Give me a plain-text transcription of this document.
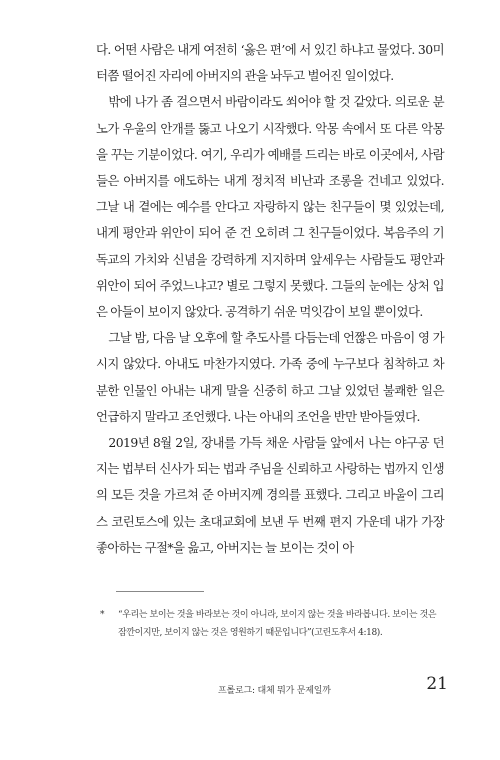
다. 어떤 사람은 내게 여전히 ‘옳은 편’에 서 있긴 하냐고 물었다. 30미터쯤 떨어진 자리에 아버지의 관을 놔두고 벌어진 일이었다.

밖에 나가 좀 걸으면서 바람이라도 쐬어야 할 것 같았다. 의로운 분노가 우울의 안개를 뚫고 나오기 시작했다. 악몽 속에서 또 다른 악몽을 꾸는 기분이었다. 여기, 우리가 예배를 드리는 바로 이곳에서, 사람들은 아버지를 애도하는 내게 정치적 비난과 조롱을 건네고 있었다. 그날 내 곁에는 예수를 안다고 자랑하지 않는 친구들이 몇 있었는데, 내게 평안과 위안이 되어 준 건 오히려 그 친구들이었다. 복음주의 기독교의 가치와 신념을 강력하게 지지하며 앞세우는 사람들도 평안과 위안이 되어 주었느냐고? 별로 그렇지 못했다. 그들의 눈에는 상처 입은 아들이 보이지 않았다. 공격하기 쉬운 먹잇감이 보일 뿐이었다.

그날 밤, 다음 날 오후에 할 추도사를 다듬는데 언짢은 마음이 영 가시지 않았다. 아내도 마찬가지였다. 가족 중에 누구보다 침착하고 차분한 인물인 아내는 내게 말을 신중히 하고 그날 있었던 불쾌한 일은 언급하지 말라고 조언했다. 나는 아내의 조언을 반만 받아들였다.

2019년 8월 2일, 장내를 가득 채운 사람들 앞에서 나는 야구공 던지는 법부터 신사가 되는 법과 주님을 신뢰하고 사랑하는 법까지 인생의 모든 것을 가르쳐 준 아버지께 경의를 표했다. 그리고 바울이 그리스 코린토스에 있는 초대교회에 보낸 두 번째 편지 가운데 내가 가장 좋아하는 구절*을 읊고, 아버지는 늘 보이는 것이 아

* “우리는 보이는 것을 바라보는 것이 아니라, 보이지 않는 것을 바라봅니다. 보이는 것은 잠깐이지만, 보이지 않는 것은 영원하기 때문입니다”(고린도후서 4:18).
프롤로그: 대체 뭐가 문제일까	21
